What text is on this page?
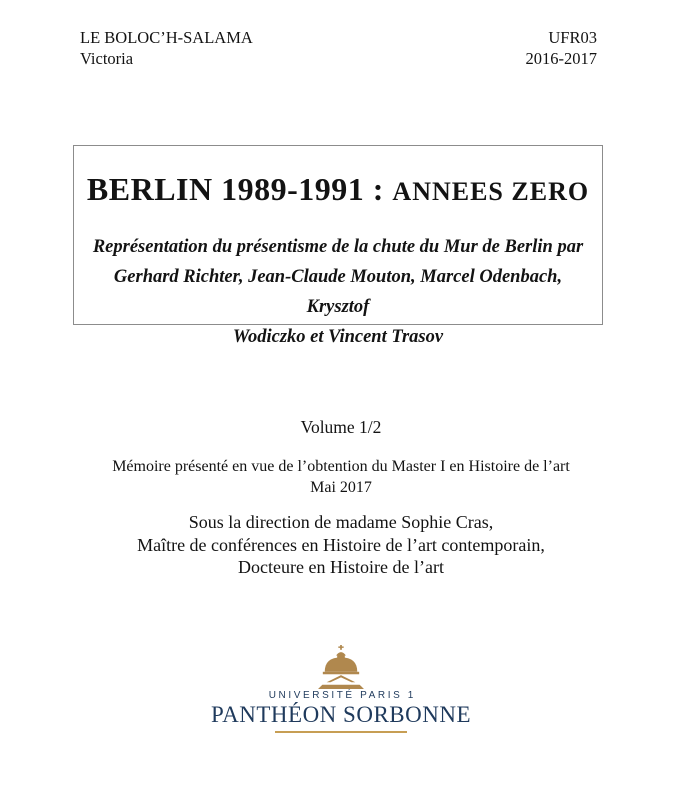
LE BOLOC’H-SALAMA
Victoria
UFR03
2016-2017
BERLIN 1989-1991 : ANNEES ZERO

Représentation du présentisme de la chute du Mur de Berlin par
Gerhard Richter, Jean-Claude Mouton, Marcel Odenbach, Krysztof
Wodiczko et Vincent Trasov

Volume 1/2
Mémoire présenté en vue de l’obtention du Master I en Histoire de l’art
Mai 2017
Sous la direction de madame Sophie Cras,
Maître de conférences en Histoire de l’art contemporain,
Docteure en Histoire de l’art
UNIVERSITÉ PARIS 1
PANTHÉON SORBONNE
